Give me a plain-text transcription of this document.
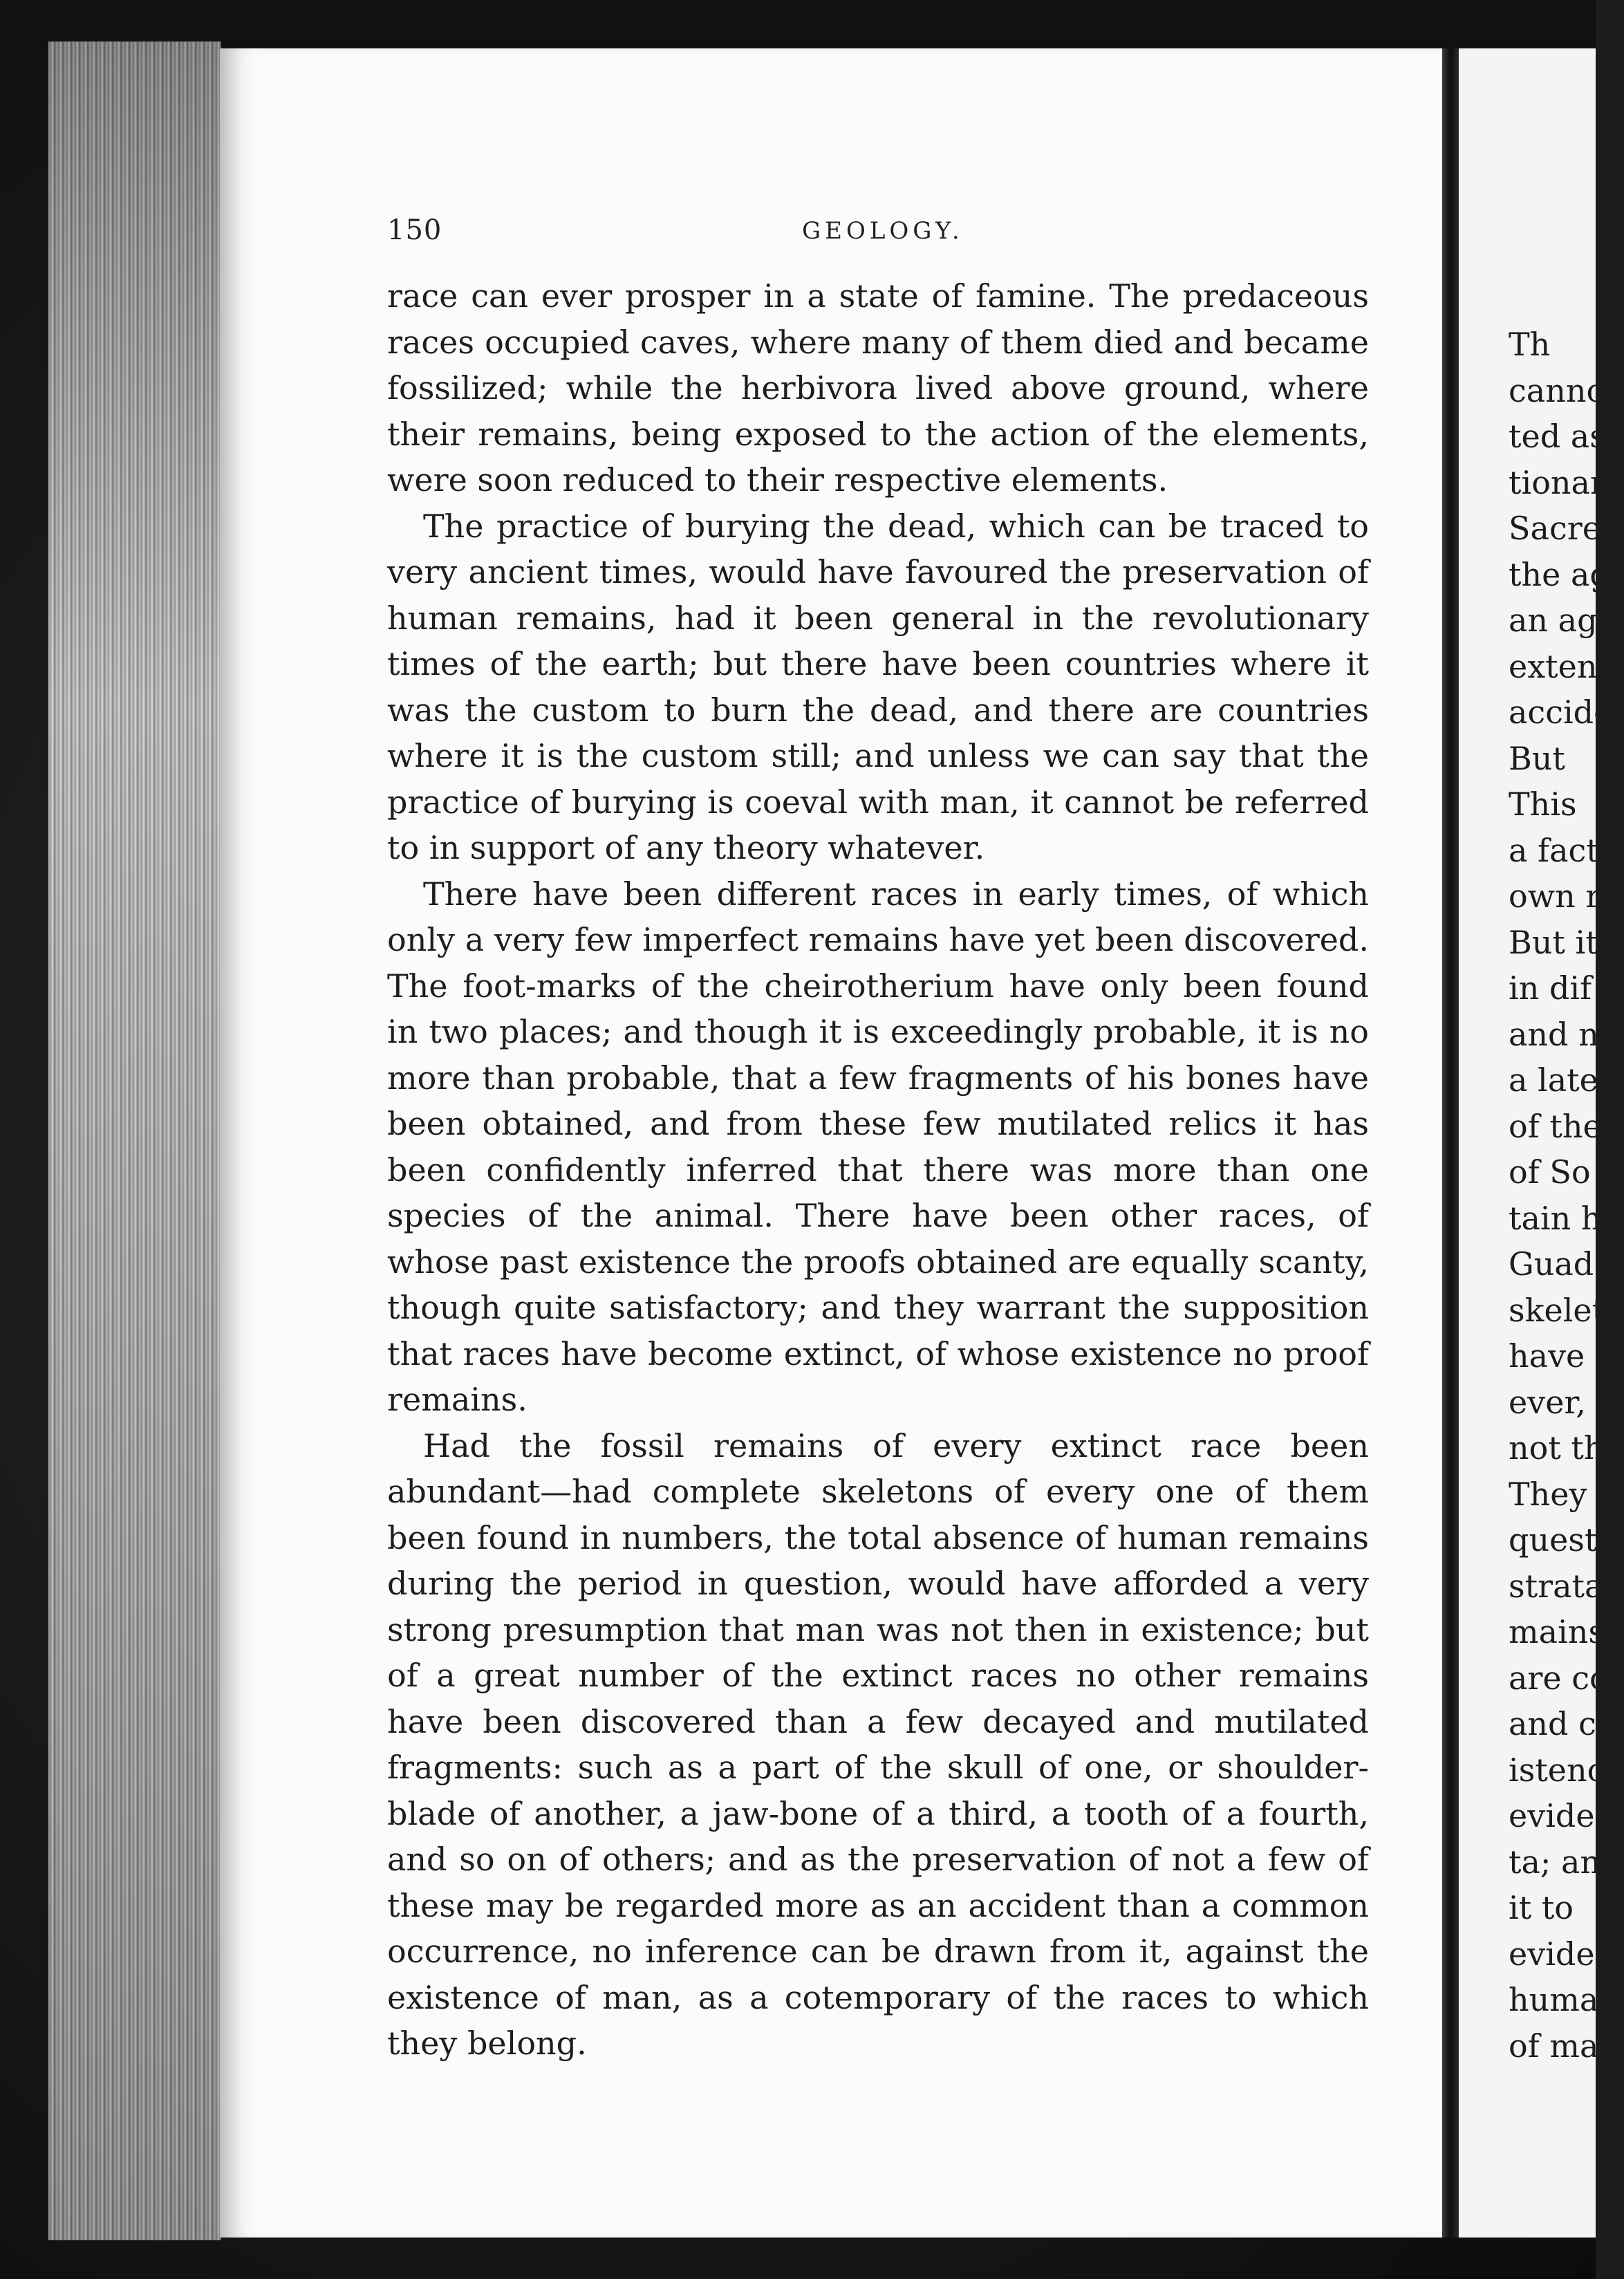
Th
canno
ted as
tionar
Sacre
the ag
an ag
exten
accide
But
This
a fact
own r
But it
in dif
and n
a late
of the
of So
tain h
Guad
skelet
have
ever,
not th
They
questi
strata
mains
are co
and c
istence
eviden
ta; an
it to
eviden
huma
of ma
150	GEOLOGY.

race can ever prosper in a state of famine. The predaceous races occupied caves, where many of them died and became fossilized; while the herbivora lived above ground, where their remains, being exposed to the action of the elements, were soon reduced to their respective elements.

The practice of burying the dead, which can be traced to very ancient times, would have favoured the preservation of human remains, had it been general in the revolutionary times of the earth; but there have been countries where it was the custom to burn the dead, and there are countries where it is the custom still; and unless we can say that the practice of burying is coeval with man, it cannot be referred to in support of any theory whatever.

There have been different races in early times, of which only a very few imperfect remains have yet been discovered. The foot-marks of the cheirotherium have only been found in two places; and though it is exceedingly probable, it is no more than probable, that a few fragments of his bones have been obtained, and from these few mutilated relics it has been confidently inferred that there was more than one species of the animal. There have been other races, of whose past existence the proofs obtained are equally scanty, though quite satisfactory; and they warrant the supposition that races have become extinct, of whose existence no proof remains.

Had the fossil remains of every extinct race been abundant—had complete skeletons of every one of them been found in numbers, the total absence of human remains during the period in question, would have afforded a very strong presumption that man was not then in existence; but of a great number of the extinct races no other remains have been discovered than a few decayed and mutilated fragments: such as a part of the skull of one, or shoulder-blade of another, a jaw-bone of a third, a tooth of a fourth, and so on of others; and as the preservation of not a few of these may be regarded more as an accident than a common occurrence, no inference can be drawn from it, against the existence of man, as a cotemporary of the races to which they belong.
